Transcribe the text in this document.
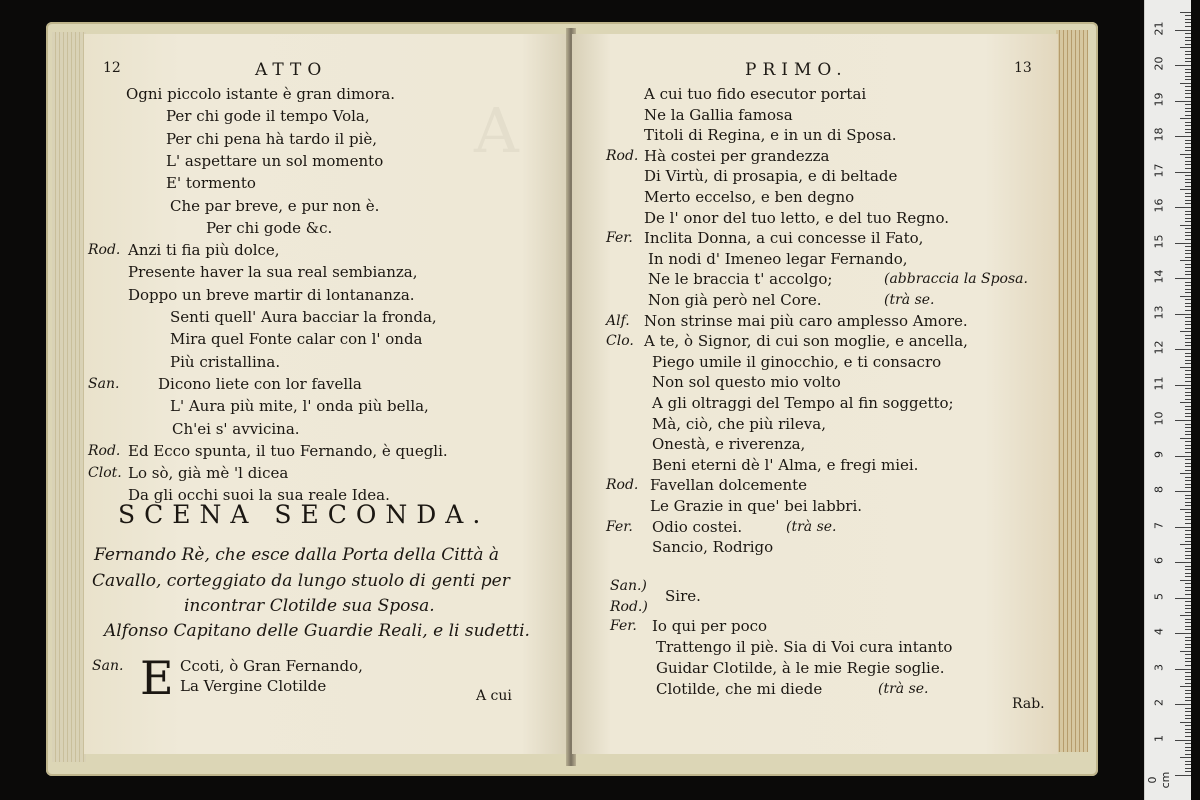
A
12	ATTO
Ogni piccolo istante è gran dimora.
Per chi gode il tempo Vola,
Per chi pena hà tardo il piè,
L' aspettare un sol momento
E' tormento
Che par breve, e pur non è.
Per chi gode &c.
Rod. Anzi ti fia più dolce,
Presente haver la sua real sembianza,
Doppo un breve martir di lontananza.
Senti quell' Aura bacciar la fronda,
Mira quel Fonte calar con l' onda
Più cristallina.
San.	Dicono liete con lor favella
L' Aura più mite, l' onda più bella,
Ch'ei s' avvicina.
Rod. Ed Ecco spunta, il tuo Fernando, è quegli.
Clot. Lo sò, già mè 'l dicea
Da gli occhi suoi la sua reale Idea.
SCENA SECONDA.
Fernando Rè, che esce dalla Porta della Città à
Cavallo, corteggiato da lungo stuolo di genti per
incontrar Clotilde sua Sposa.
Alfonso Capitano delle Guardie Reali, e li sudetti.
San. E Ccoti, ò Gran Fernando,
La Vergine Clotilde
A cui
PRIMO.	13
A cui tuo fido esecutor portai
Ne la Gallia famosa
Titoli di Regina, e in un di Sposa.
Rod. Hà costei per grandezza
Di Virtù, di prosapia, e di beltade
Merto eccelso, e ben degno
De l' onor del tuo letto, e del tuo Regno.
Fer. Inclita Donna, a cui concesse il Fato,
In nodi d' Imeneo legar Fernando,
Ne le braccia t' accolgo;	(abbraccia la Sposa.
Non già però nel Core.	(trà se.
Alf. Non strinse mai più caro amplesso Amore.
Clo. A te, ò Signor, di cui son moglie, e ancella,
Piego umile il ginocchio, e ti consacro
Non sol questo mio volto
A gli oltraggi del Tempo al fin soggetto;
Mà, ciò, che più rileva,
Onestà, e riverenza,
Beni eterni dè l' Alma, e fregi miei.
Rod. Favellan dolcemente
Le Grazie in que' bei labbri.
Fer. Odio costei.	(trà se.
Sancio, Rodrigo
San.)
Rod.)
Sire.
Fer. Io qui per poco
Trattengo il piè. Sia di Voi cura intanto
Guidar Clotilde, à le mie Regie soglie.
Clotilde, che mi diede	(trà se.
Rab.
0 cm
1
2
3
4
5
6
7
8
9
10
11
12
13
14
15
16
17
18
19
20
21
